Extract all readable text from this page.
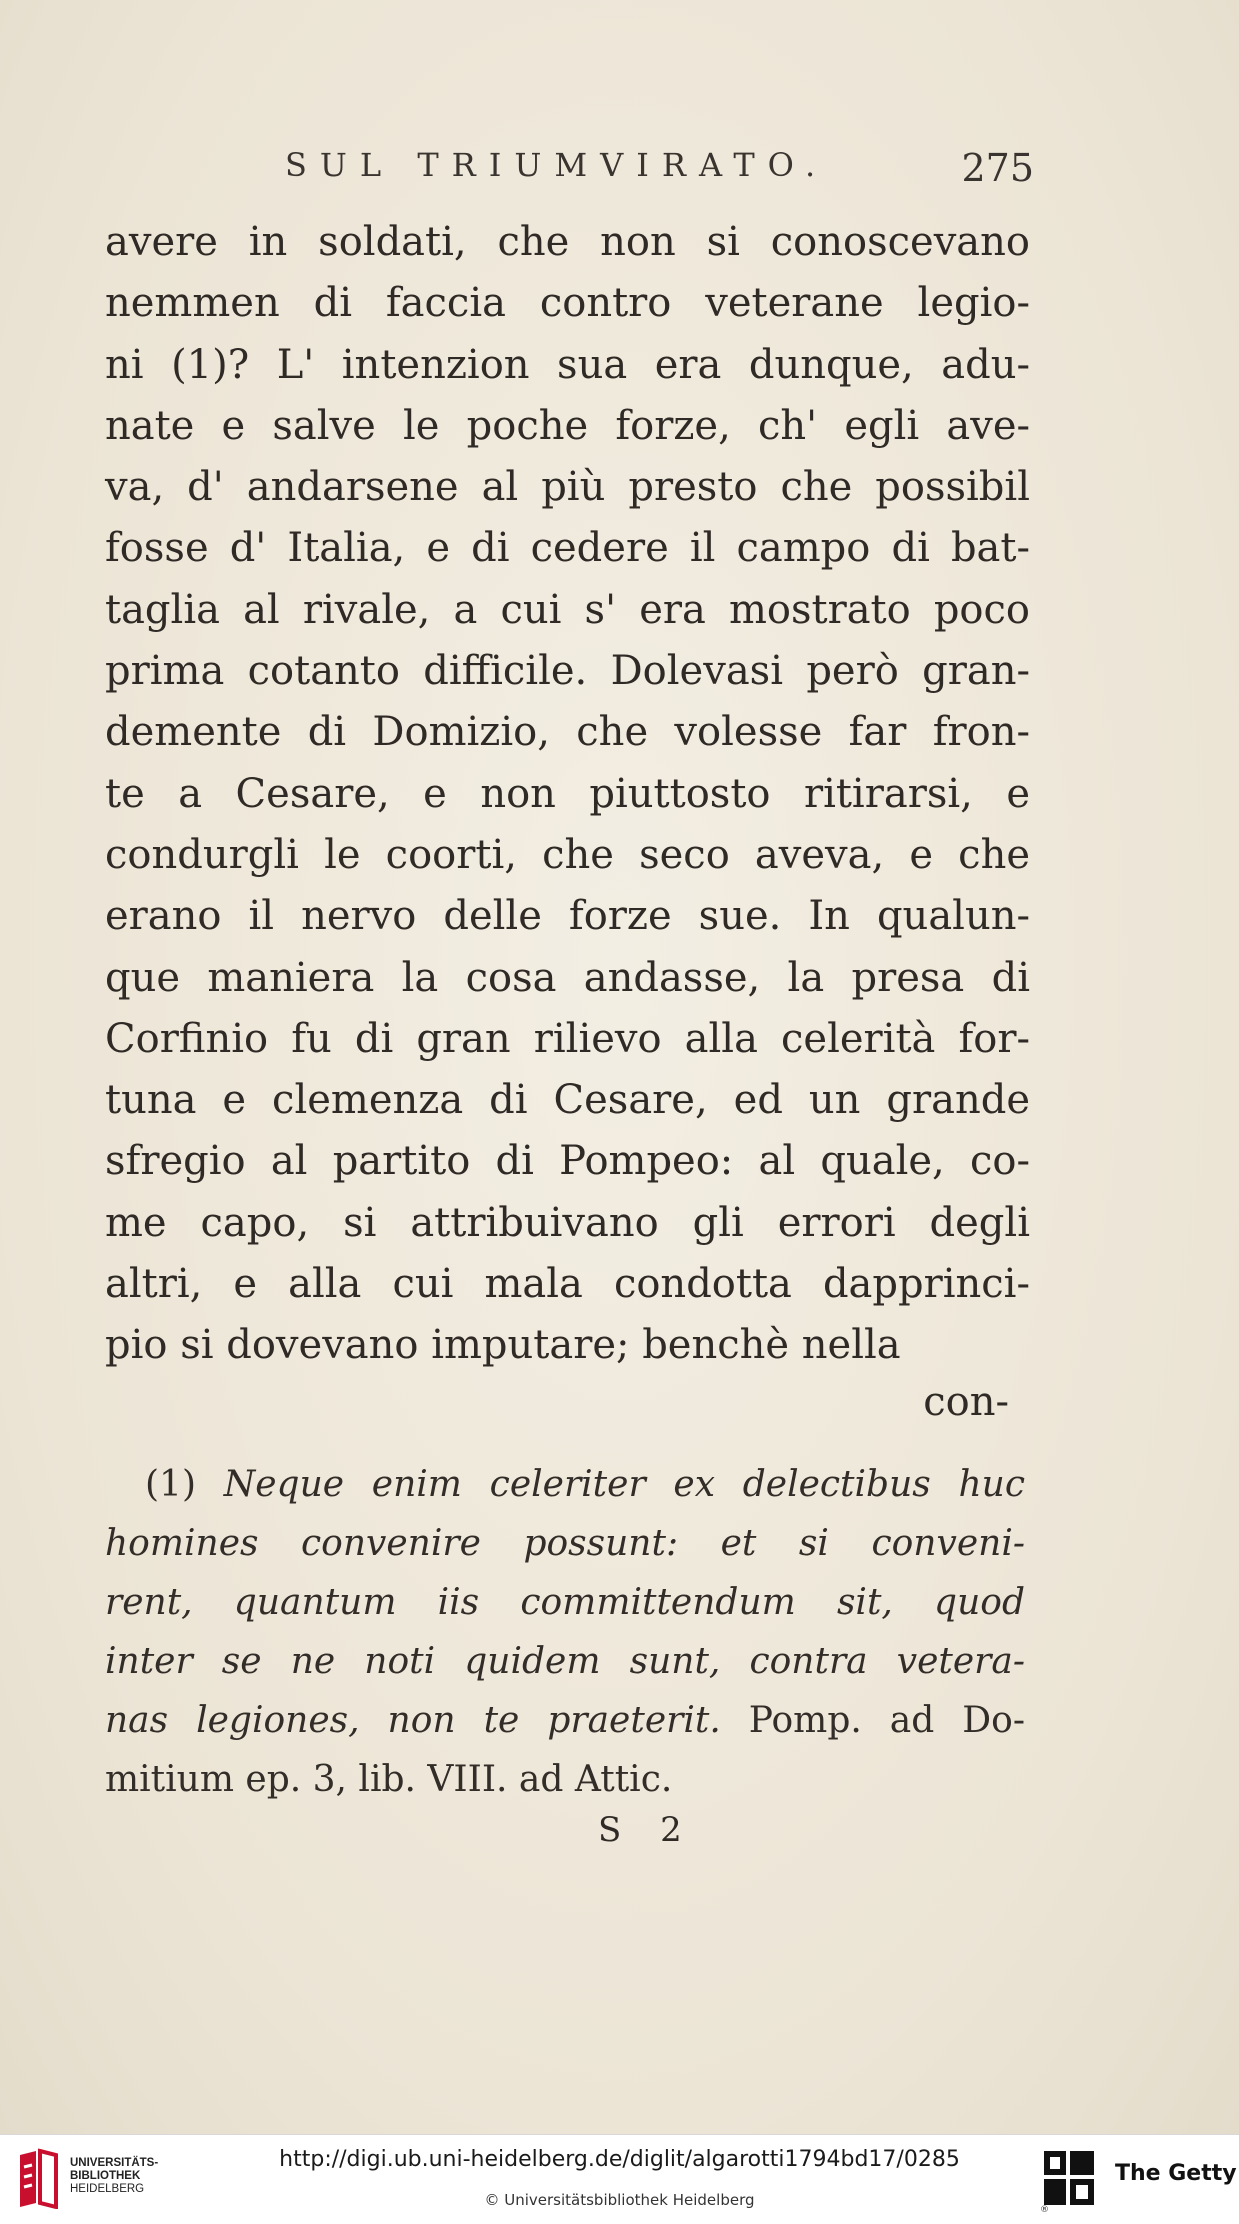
SUL TRIUMVIRATO.	275
avere in soldati, che non si conoscevano
nemmen di faccia contro veterane legio-
ni (1)? L' intenzion sua era dunque, adu-
nate e salve le poche forze, ch' egli ave-
va, d' andarsene al più presto che possibil
fosse d' Italia, e di cedere il campo di bat-
taglia al rivale, a cui s' era mostrato poco
prima cotanto difficile. Dolevasi però gran-
demente di Domizio, che volesse far fron-
te a Cesare, e non piuttosto ritirarsi, e
condurgli le coorti, che seco aveva, e che
erano il nervo delle forze sue. In qualun-
que maniera la cosa andasse, la presa di
Corfinio fu di gran rilievo alla celerità for-
tuna e clemenza di Cesare, ed un grande
sfregio al partito di Pompeo: al quale, co-
me capo, si attribuivano gli errori degli
altri, e alla cui mala condotta dapprinci-
pio si dovevano imputare; benchè nella
con-
(1) Neque enim celeriter ex delectibus huc
homines convenire possunt: et si conveni-
rent, quantum iis committendum sit, quod
inter se ne noti quidem sunt, contra vetera-
nas legiones, non te praeterit. Pomp. ad Do-
mitium ep. 3, lib. VIII. ad Attic.
S 2
UNIVERSITÄTS-
BIBLIOTHEK
HEIDELBERG
http://digi.ub.uni-heidelberg.de/diglit/algarotti1794bd17/0285
© Universitätsbibliothek Heidelberg
®
The Getty
